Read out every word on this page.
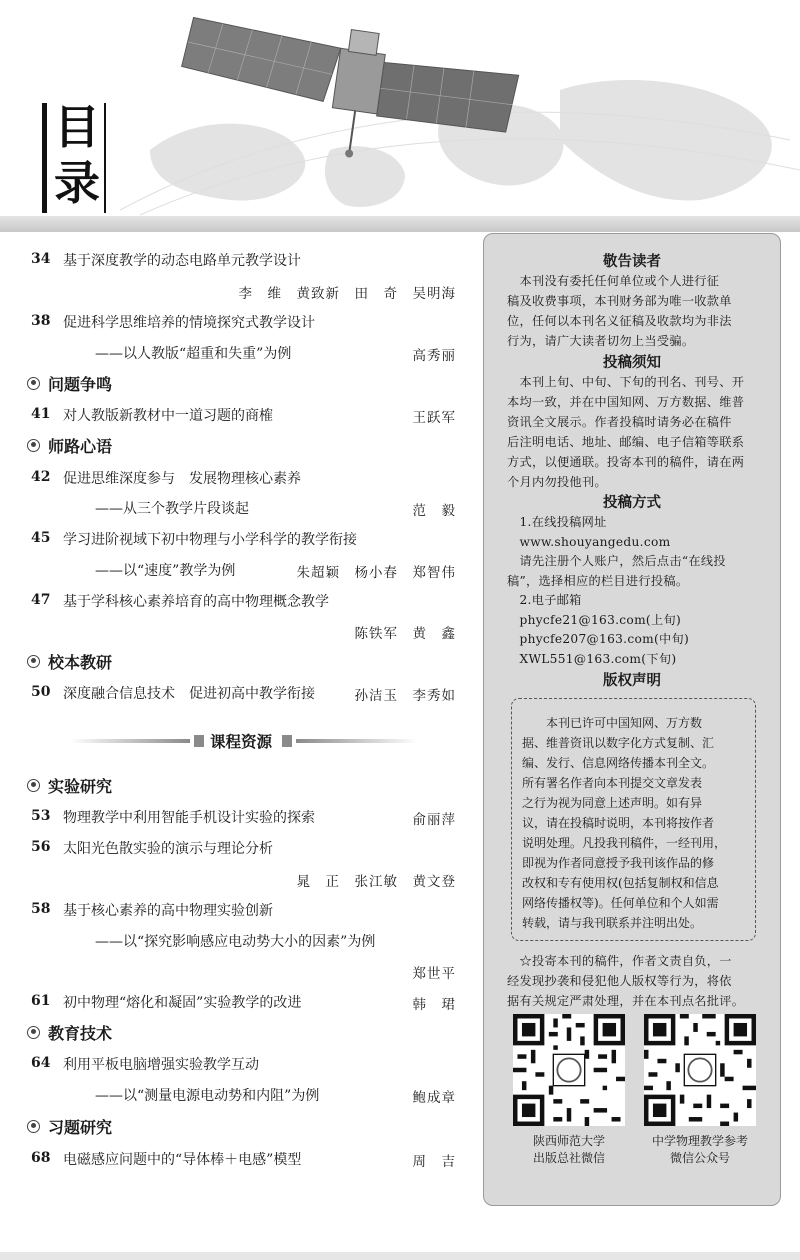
目
录
34 基于深度教学的动态电路单元教学设计
李　维　黄致新　田　奇　吴明海
38 促进科学思维培养的情境探究式教学设计
——以人教版“超重和失重”为例	高秀丽
问题争鸣
41 对人教版新教材中一道习题的商榷	王跃军
师路心语
42 促进思维深度参与　发展物理核心素养
——从三个教学片段谈起	范　毅
45 学习进阶视域下初中物理与小学科学的教学衔接
——以“速度”教学为例	朱超颖　杨小春　郑智伟
47 基于学科核心素养培育的高中物理概念教学
陈铁军　黄　鑫
校本教研
50 深度融合信息技术　促进初高中教学衔接	孙洁玉　李秀如
课程资源
实验研究
53 物理教学中利用智能手机设计实验的探索	俞丽萍
56 太阳光色散实验的演示与理论分析
晁　正　张江敏　黄文登
58 基于核心素养的高中物理实验创新
——以“探究影响感应电动势大小的因素”为例
郑世平
61 初中物理“熔化和凝固”实验教学的改进	韩　珺
教育技术
64 利用平板电脑增强实验教学互动
——以“测量电源电动势和内阻”为例	鲍成章
习题研究
68 电磁感应问题中的“导体棒＋电感”模型	周　吉
敬告读者
　本刊没有委托任何单位或个人进行征
稿及收费事项，本刊财务部为唯一收款单
位，任何以本刊名义征稿及收款均为非法
行为，请广大读者切勿上当受骗。
投稿须知
　本刊上旬、中旬、下旬的刊名、刊号、开
本均一致，并在中国知网、万方数据、维普
资讯全文展示。作者投稿时请务必在稿件
后注明电话、地址、邮编、电子信箱等联系
方式，以便通联。投寄本刊的稿件，请在两
个月内勿投他刊。
投稿方式
　1.在线投稿网址
　www.shouyangedu.com
　请先注册个人账户，然后点击“在线投
稿”，选择相应的栏目进行投稿。
　2.电子邮箱
　phycfe21@163.com(上旬)
　phycfe207@163.com(中旬)
　XWL551@163.com(下旬)
版权声明
　　本刊已许可中国知网、万方数
据、维普资讯以数字化方式复制、汇
编、发行、信息网络传播本刊全文。
所有署名作者向本刊提交文章发表
之行为视为同意上述声明。如有异
议，请在投稿时说明，本刊将按作者
说明处理。凡投我刊稿件，一经刊用，
即视为作者同意授予我刊该作品的修
改权和专有使用权(包括复制权和信息
网络传播权等)。任何单位和个人如需
转载，请与我刊联系并注明出处。
　☆投寄本刊的稿件，作者文责自负，一
经发现抄袭和侵犯他人版权等行为，将依
据有关规定严肃处理，并在本刊点名批评。
陕西师范大学
出版总社微信
中学物理教学参考
微信公众号
